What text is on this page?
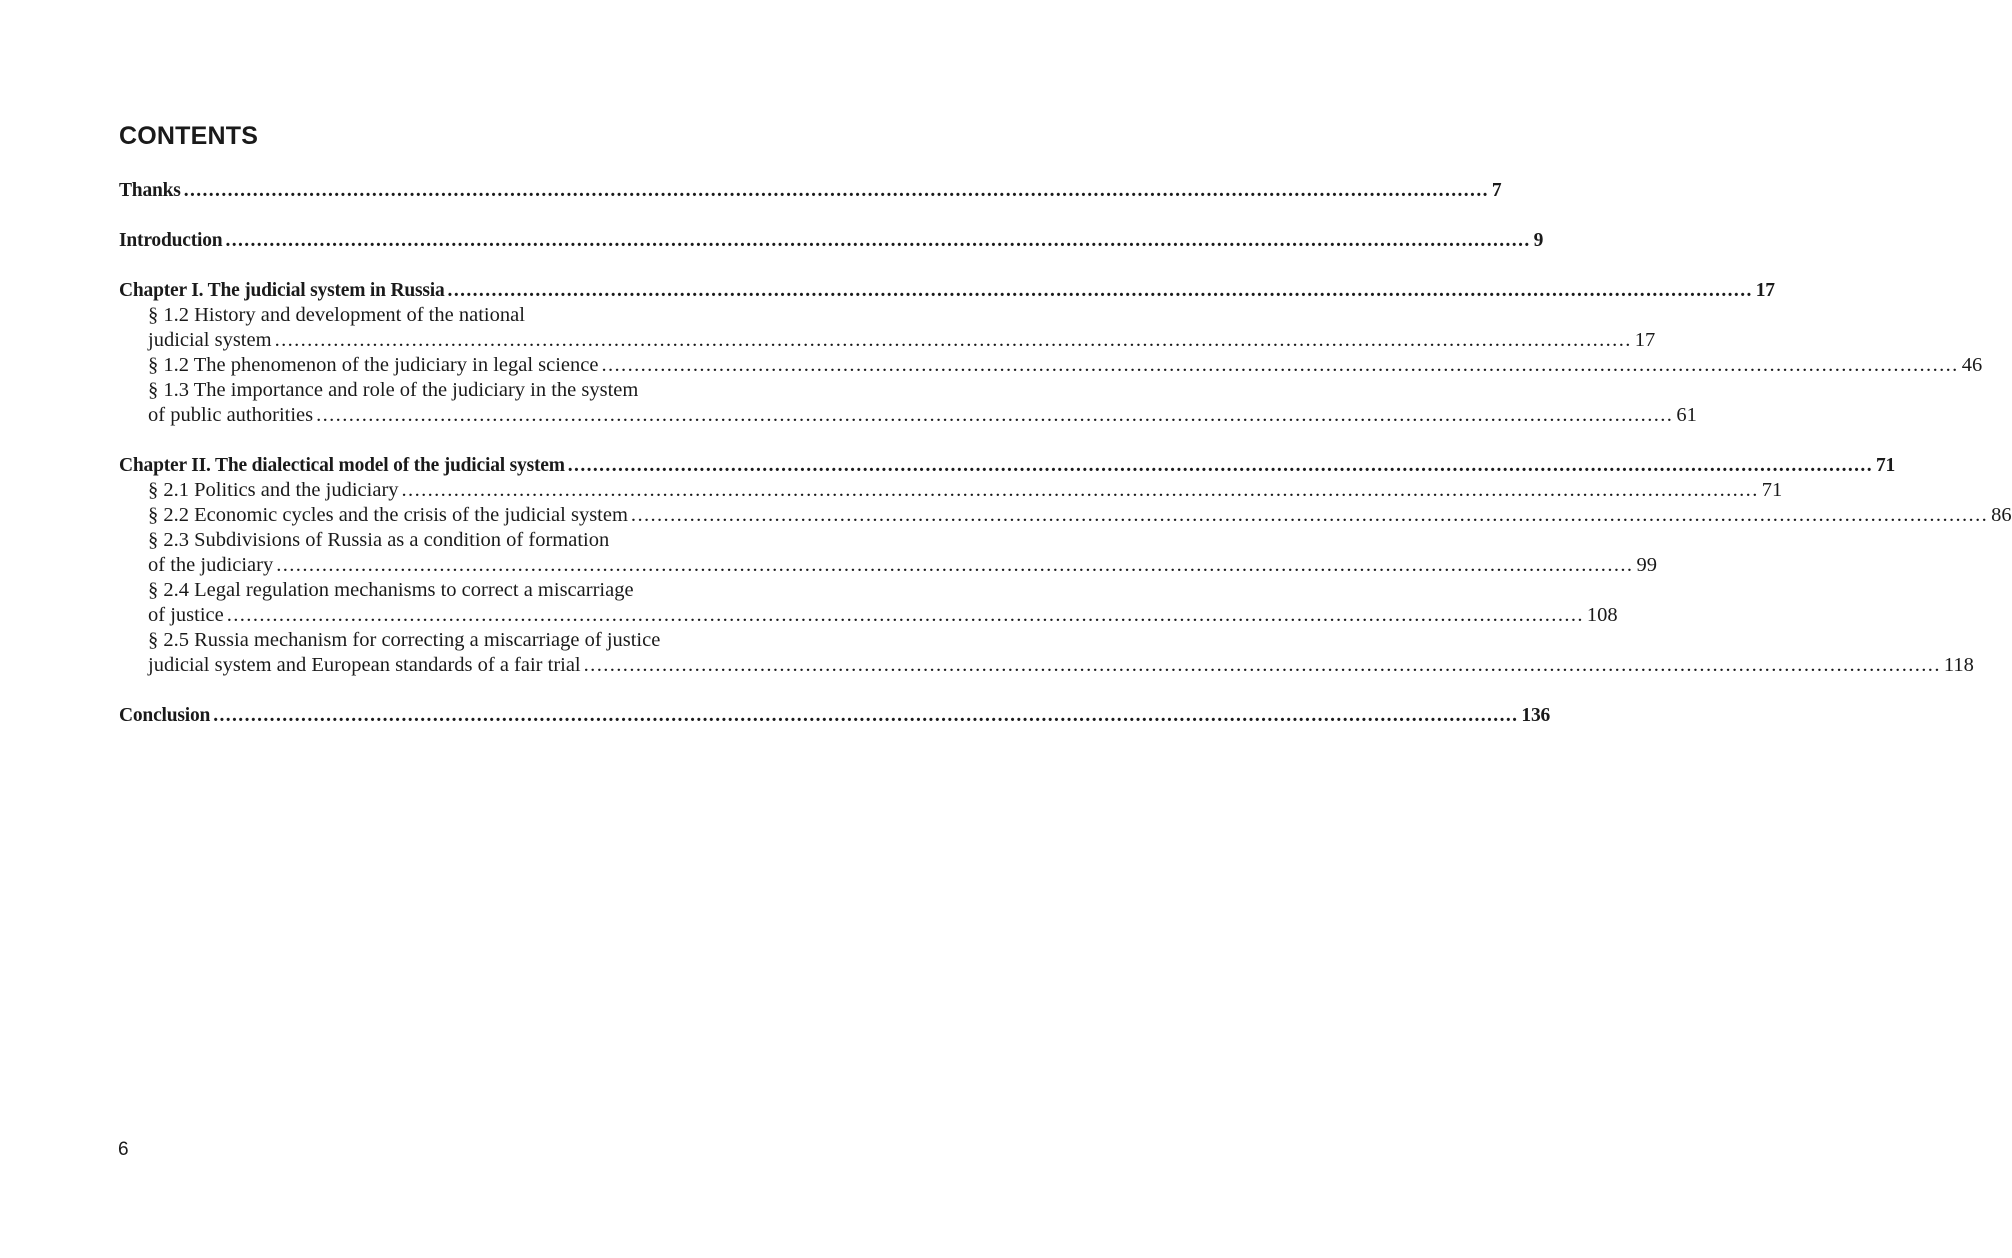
CONTENTS
Thanks .....	7
Introduction .....	9
Chapter I. The judicial system in Russia .....	17
§ 1.2 History and development of the national
judicial system .....	17
§ 1.2 The phenomenon of the judiciary in legal science .....	46
§ 1.3 The importance and role of the judiciary in the system
of public authorities .....	61
Chapter II. The dialectical model of the judicial system .....	71
§ 2.1 Politics and the judiciary .....	71
§ 2.2 Economic cycles and the crisis of the judicial system .....	86
§ 2.3 Subdivisions of Russia as a condition of formation
of the judiciary .....	99
§ 2.4 Legal regulation mechanisms to correct a miscarriage
of justice .....	108
§ 2.5 Russia mechanism for correcting a miscarriage of justice
judicial system and European standards of a fair trial .....	118
Conclusion .....	136
6
